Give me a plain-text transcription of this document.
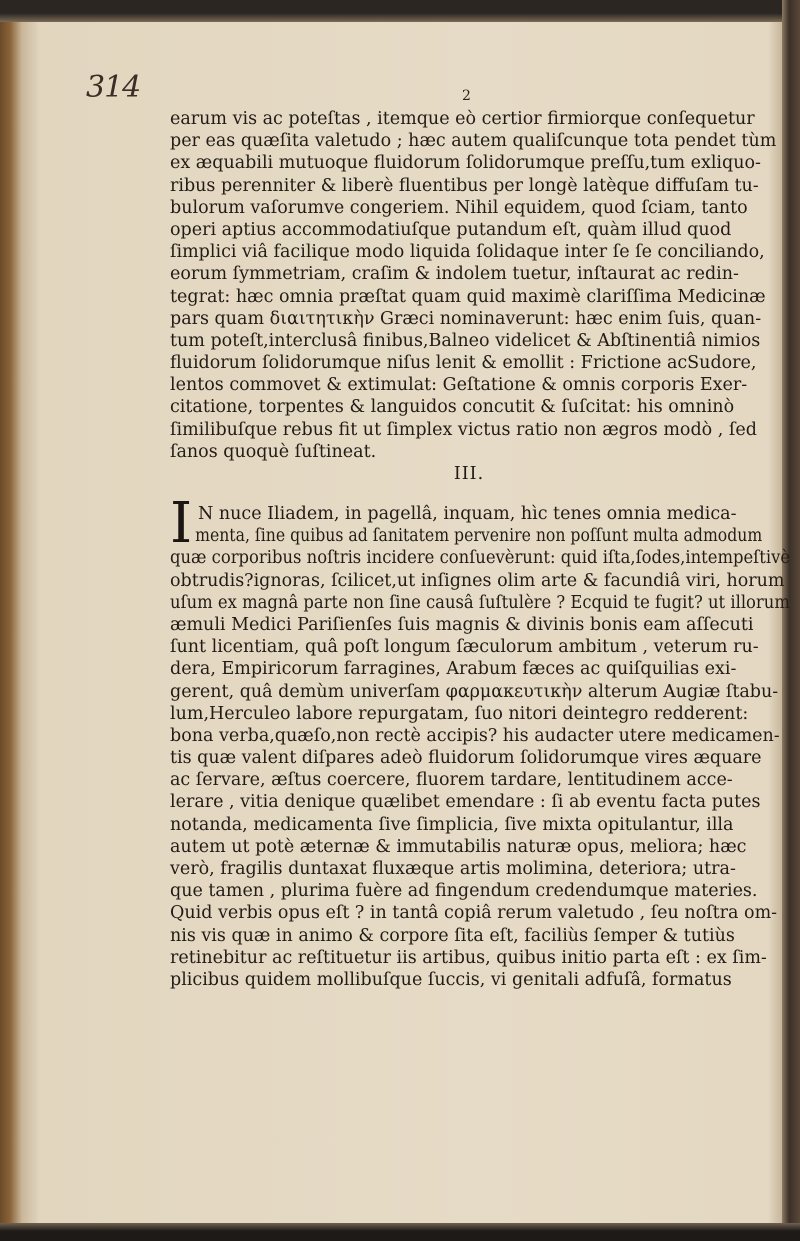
314	2
earum vis ac poteſtas , itemque eò certior firmiorque conſequetur
per eas quæſita valetudo ; hæc autem qualiſcunque tota pendet tùm
ex æquabili mutuoque fluidorum ſolidorumque preſſu,tum exliquo-
ribus perenniter & liberè fluentibus per longè latèque diffuſam tu-
bulorum vaſorumve congeriem. Nihil equidem, quod ſciam, tanto
operi aptius accommodatiuſque putandum eſt, quàm illud quod
ſimplici viâ facilique modo liquida ſolidaque inter ſe ſe conciliando,
eorum ſymmetriam, craſim & indolem tuetur, inſtaurat ac redin-
tegrat: hæc omnia præſtat quam quid maximè clariſſima Medicinæ
pars quam διαιτητικὴν Græci nominaverunt: hæc enim ſuis, quan-
tum poteſt,interclusâ finibus,Balneo videlicet & Abſtinentiâ nimios
fluidorum ſolidorumque niſus lenit & emollit : Frictione acSudore,
lentos commovet & extimulat: Geſtatione & omnis corporis Exer-
citatione, torpentes & languidos concutit & ſuſcitat: his omninò
ſimilibuſque rebus fit ut ſimplex victus ratio non ægros modò , ſed
ſanos quoquè ſuſtineat.
III.
I N nuce Iliadem, in pagellâ, inquam, hìc tenes omnia medica-
menta, ſine quibus ad ſanitatem pervenire non poſſunt multa admodum
quæ corporibus noſtris incidere conſuevèrunt: quid iſta,ſodes,intempeſtivè
obtrudis?ignoras, ſcilicet,ut inſignes olim arte & facundiâ viri, horum
uſum ex magnâ parte non ſine causâ ſuſtulère ? Ecquid te fugit? ut illorum
æmuli Medici Pariſienſes ſuis magnis & divinis bonis eam aſſecuti
ſunt licentiam, quâ poſt longum ſæculorum ambitum , veterum ru-
dera, Empiricorum farragines, Arabum fæces ac quiſquilias exi-
gerent, quâ demùm univerſam φαρμακευτικὴν alterum Augiæ ſtabu-
lum,Herculeo labore repurgatam, ſuo nitori deintegro redderent:
bona verba,quæſo,non rectè accipis? his audacter utere medicamen-
tis quæ valent diſpares adeò fluidorum ſolidorumque vires æquare
ac ſervare, æſtus coercere, fluorem tardare, lentitudinem acce-
lerare , vitia denique quælibet emendare : ſi ab eventu facta putes
notanda, medicamenta ſive ſimplicia, ſive mixta opitulantur, illa
autem ut potè æternæ & immutabilis naturæ opus, meliora; hæc
verò, fragilis duntaxat fluxæque artis molimina, deteriora; utra-
que tamen , plurima fuère ad fingendum credendumque materies.
Quid verbis opus eſt ? in tantâ copiâ rerum valetudo , ſeu noſtra om-
nis vis quæ in animo & corpore ſita eſt, faciliùs ſemper & tutiùs
retinebitur ac reſtituetur iis artibus, quibus initio parta eſt : ex ſim-
plicibus quidem mollibuſque ſuccis, vi genitali adfuſâ, formatus
